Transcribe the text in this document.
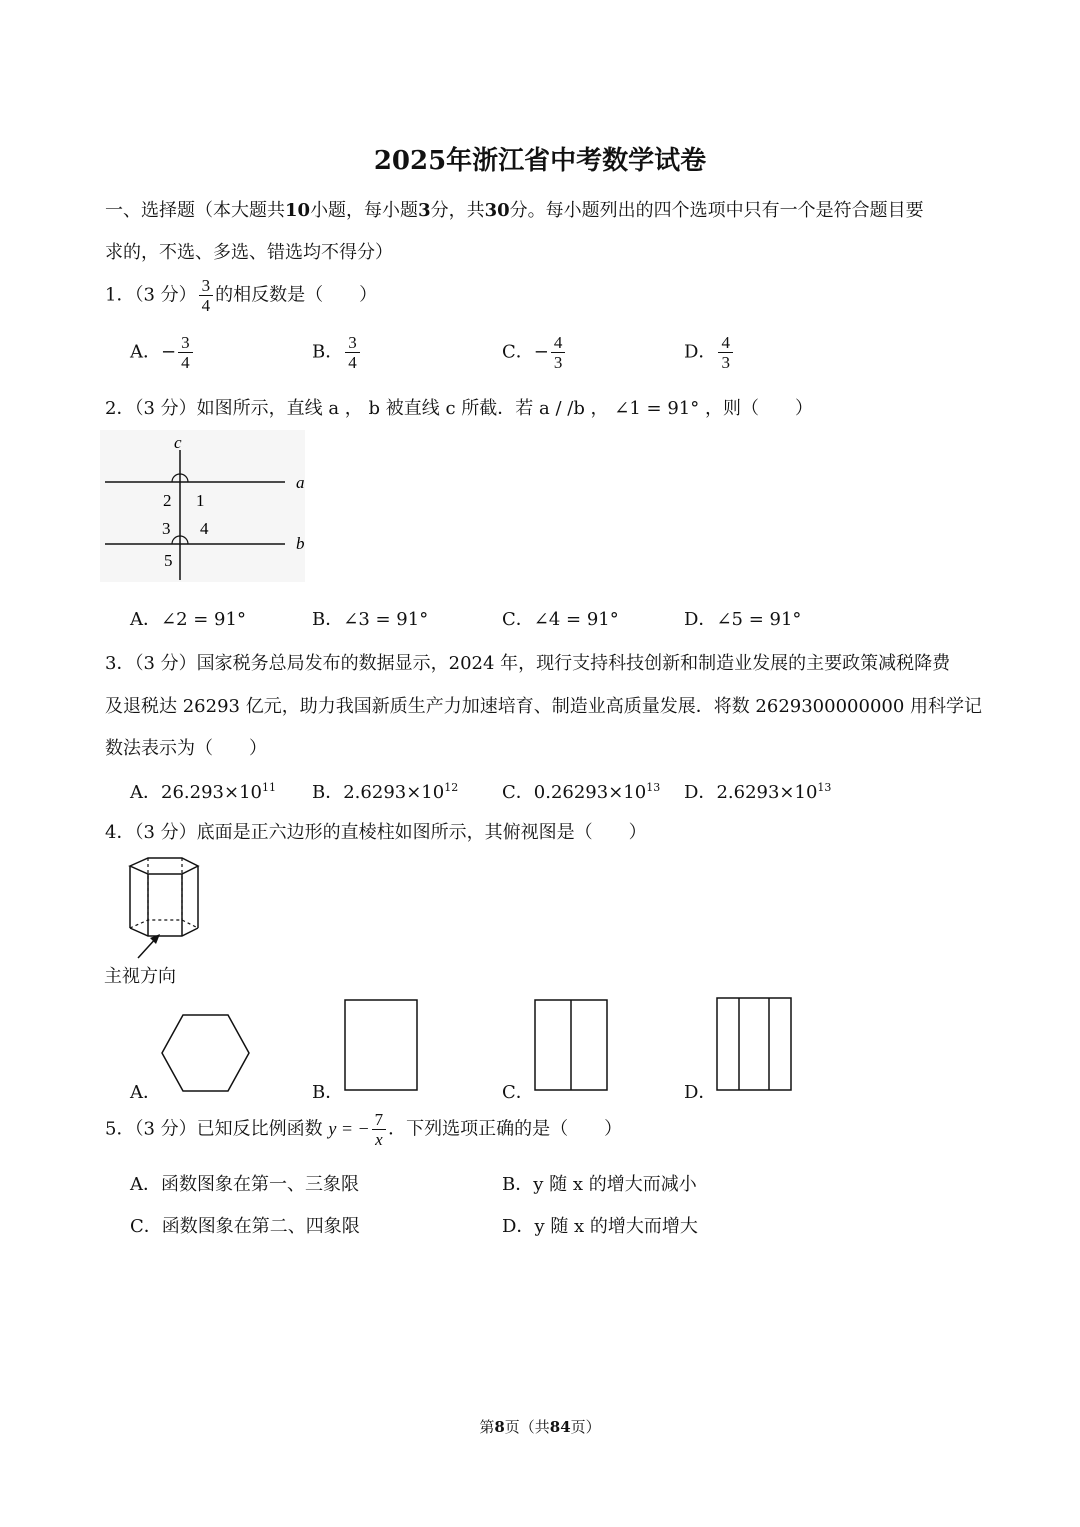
2025年浙江省中考数学试卷
一、选择题（本大题共10小题，每小题3分，共30分。每小题列出的四个选项中只有一个是符合题目要
求的，不选、多选、错选均不得分）
1．（3 分） $\frac{3}{4}$ 的相反数是（　　）
A．− $\frac{3}{4}$	B． $\frac{3}{4}$	C．− $\frac{4}{3}$	D． $\frac{4}{3}$
2．（3 分）如图所示，直线 a ， b 被直线 c 所截．若 a / /b ， ∠1 = 91° ，则（　　）
c
a
b
2 1
3 4
5
A．∠2 = 91°	B．∠3 = 91°	C．∠4 = 91°	D．∠5 = 91°
3．（3 分）国家税务总局发布的数据显示，2024 年，现行支持科技创新和制造业发展的主要政策减税降费
及退税达 26293 亿元，助力我国新质生产力加速培育、制造业高质量发展．将数 2629300000000 用科学记
数法表示为（　　）
A．$26.293\times 10^{11}$ B．$2.6293\times 10^{12}$ C．$0.26293\times 10^{13}$ D．$2.6293\times 10^{13}$
4．（3 分）底面是正六边形的直棱柱如图所示，其俯视图是（　　）
主视方向
A．	B．	C．	D．
5．（3 分）已知反比例函数 y = − $\frac{7}{x}$ ．下列选项正确的是（　　）
A．函数图象在第一、三象限	B．y 随 x 的增大而减小
C．函数图象在第二、四象限	D．y 随 x 的增大而增大
第8页（共84页）
